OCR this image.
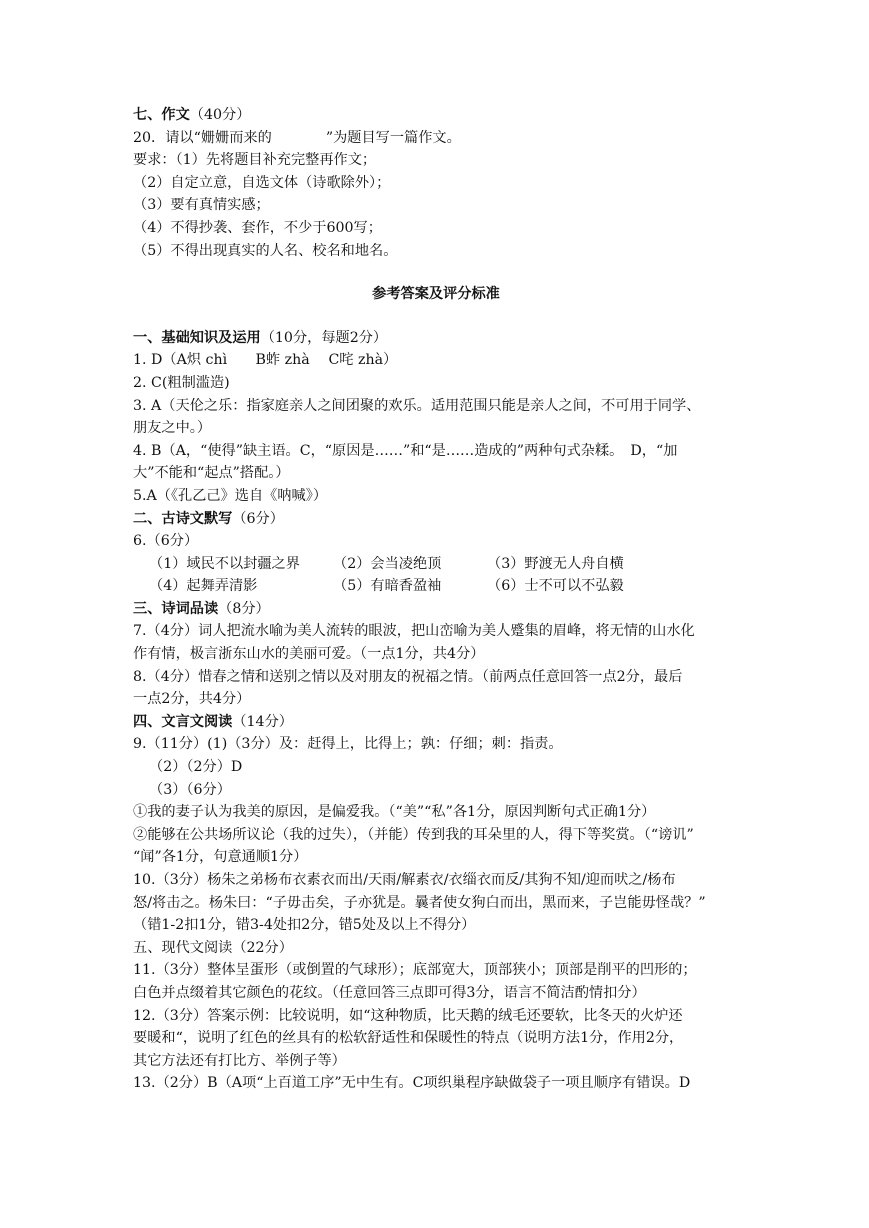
七、作文（40分）
20．请以“姗姗而来的	”为题目写一篇作文。
要求：（1）先将题目补充完整再作文；
（2）自定立意，自选文体（诗歌除外）；
（3）要有真情实感；
（4）不得抄袭、套作，不少于600写；
（5）不得出现真实的人名、校名和地名。
参考答案及评分标准
一、基础知识及运用（10分，每题2分）
1. D（A炽 chì　　B蚱 zhà　 C咤 zhà）
2. C(粗制滥造)
3. A（天伦之乐：指家庭亲人之间团聚的欢乐。适用范围只能是亲人之间，不可用于同学、
朋友之中。）
4. B（A，“使得”缺主语。C，“原因是……”和“是……造成的”两种句式杂糅。　D，“加
大”不能和“起点”搭配。）
5.A（《孔乙己》选自《呐喊》）
二、古诗文默写（6分）
6.（6分）
（1）域民不以封疆之界	（2）会当凌绝顶	（3）野渡无人舟自横
（4）起舞弄清影	（5）有暗香盈袖	（6）士不可以不弘毅
三、诗词品读（8分）
7.（4分）词人把流水喻为美人流转的眼波，把山峦喻为美人蹙集的眉峰，将无情的山水化
作有情，极言浙东山水的美丽可爱。（一点1分，共4分）
8.（4分）惜春之情和送别之情以及对朋友的祝福之情。（前两点任意回答一点2分，最后
一点2分，共4分）
四、文言文阅读（14分）
9.（11分）(1)（3分）及：赶得上，比得上；孰：仔细；刺：指责。
（2）（2分）D
（3）（6分）
①我的妻子认为我美的原因，是偏爱我。（“美”“私”各1分，原因判断句式正确1分）
②能够在公共场所议论（我的过失），（并能）传到我的耳朵里的人，得下等奖赏。（“谤讥”
“闻”各1分，句意通顺1分）
10.（3分）杨朱之弟杨布衣素衣而出/天雨/解素衣/衣缁衣而反/其狗不知/迎而吠之/杨布
怒/将击之。杨朱曰：“子毋击矣，子亦犹是。曩者使女狗白而出，黑而来，子岂能毋怪哉？”
（错1-2扣1分，错3-4处扣2分，错5处及以上不得分）
五、现代文阅读（22分）
11.（3分）整体呈蛋形（或倒置的气球形）；底部宽大，顶部狭小；顶部是削平的凹形的；
白色并点缀着其它颜色的花纹。（任意回答三点即可得3分，语言不简洁酌情扣分）
12.（3分）答案示例：比较说明，如“这种物质，比天鹅的绒毛还要软，比冬天的火炉还
要暖和“，说明了红色的丝具有的松软舒适性和保暖性的特点（说明方法1分，作用2分，
其它方法还有打比方、举例子等）
13.（2分）B（A项“上百道工序”无中生有。C项织巢程序缺做袋子一项且顺序有错误。D
